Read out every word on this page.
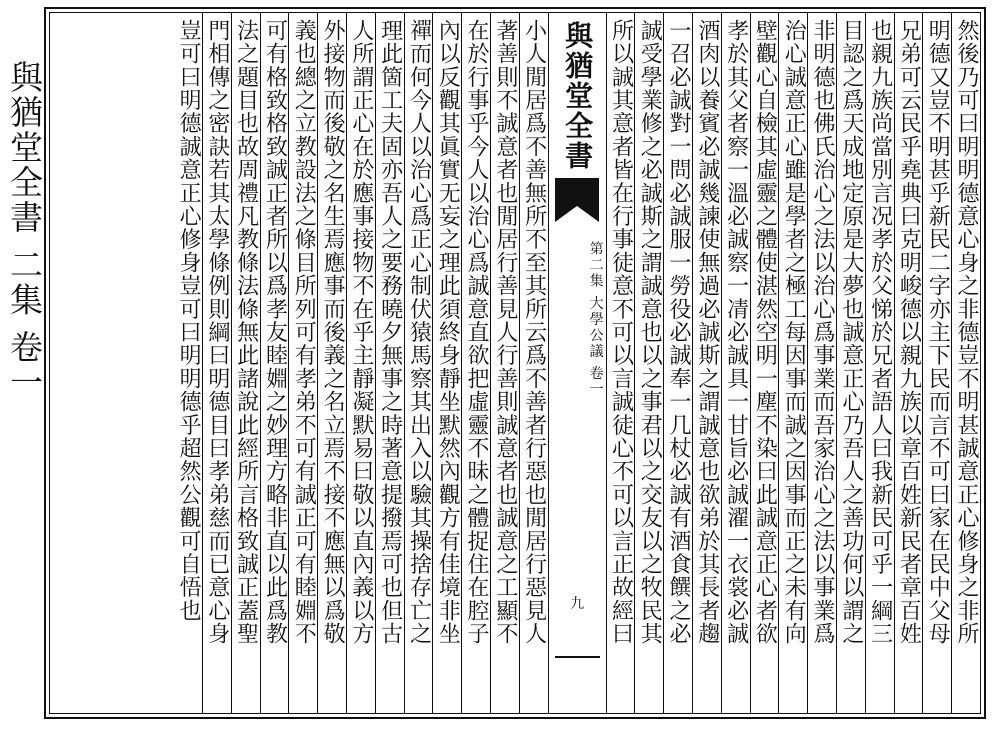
與猶堂全書 二集 卷一	然後乃可曰明明德意心身之非德豈不明甚誠意正心修身之非所
明德又豈不明甚乎新民二字亦主下民而言不可曰家在民中父母
兄弟可云民乎堯典曰克明峻德以親九族以章百姓新民者章百姓
也親九族尚當別言况孝於父悌於兄者語人曰我新民可乎一綱三
目認之爲天成地定原是大夢也誠意正心乃吾人之善功何以謂之
非明德也佛氏治心之法以治心爲事業而吾家治心之法以事業爲
治心誠意正心雖是學者之極工每因事而誠之因事而正之未有向
壁觀心自檢其虛靈之體使湛然空明一塵不染曰此誠意正心者欲
孝於其父者察一溫必誠察一凊必誠具一甘旨必誠濯一衣裳必誠
酒肉以養賓必誠幾諫使無過必誠斯之謂誠意也欲弟於其長者趨
一召必誠對一問必誠服一勞役必誠奉一几杖必誠有酒食饌之必
誠受學業修之必誠斯之謂誠意也以之事君以之交友以之牧民其
所以誠其意者皆在行事徒意不可以言誠徒心不可以言正故經曰
與猶堂全書
第二集 大學公議 卷一
九
小人閒居爲不善無所不至其所云爲不善者行惡也閒居行惡見人
著善則不誠意者也閒居行善見人行善則誠意者也誠意之工顯不
在於行事乎今人以治心爲誠意直欲把虛靈不昧之體捉住在腔子
內以反觀其眞實无妄之理此須終身靜坐默然內觀方有佳境非坐
禪而何今人以治心爲正心制伏猿馬察其出入以驗其操捨存亡之
理此箇工夫固亦吾人之要務曉夕無事之時著意提撥焉可也但古
人所謂正心在於應事接物不在乎主靜凝默易曰敬以直內義以方
外接物而後敬之名生焉應事而後義之名立焉不接不應無以爲敬
義也總之立教設法之條目所列可有孝弟不可有誠正可有睦婣不
可有格致格致誠正者所以爲孝友睦婣之妙理方略非直以此爲教
法之題目也故周禮凡教條法條無此諸說此經所言格致誠正蓋聖
門相傳之密訣若其太學條例則綱曰明德目曰孝弟慈而已意心身
豈可曰明德誠意正心修身豈可曰明明德乎超然公觀可自悟也
